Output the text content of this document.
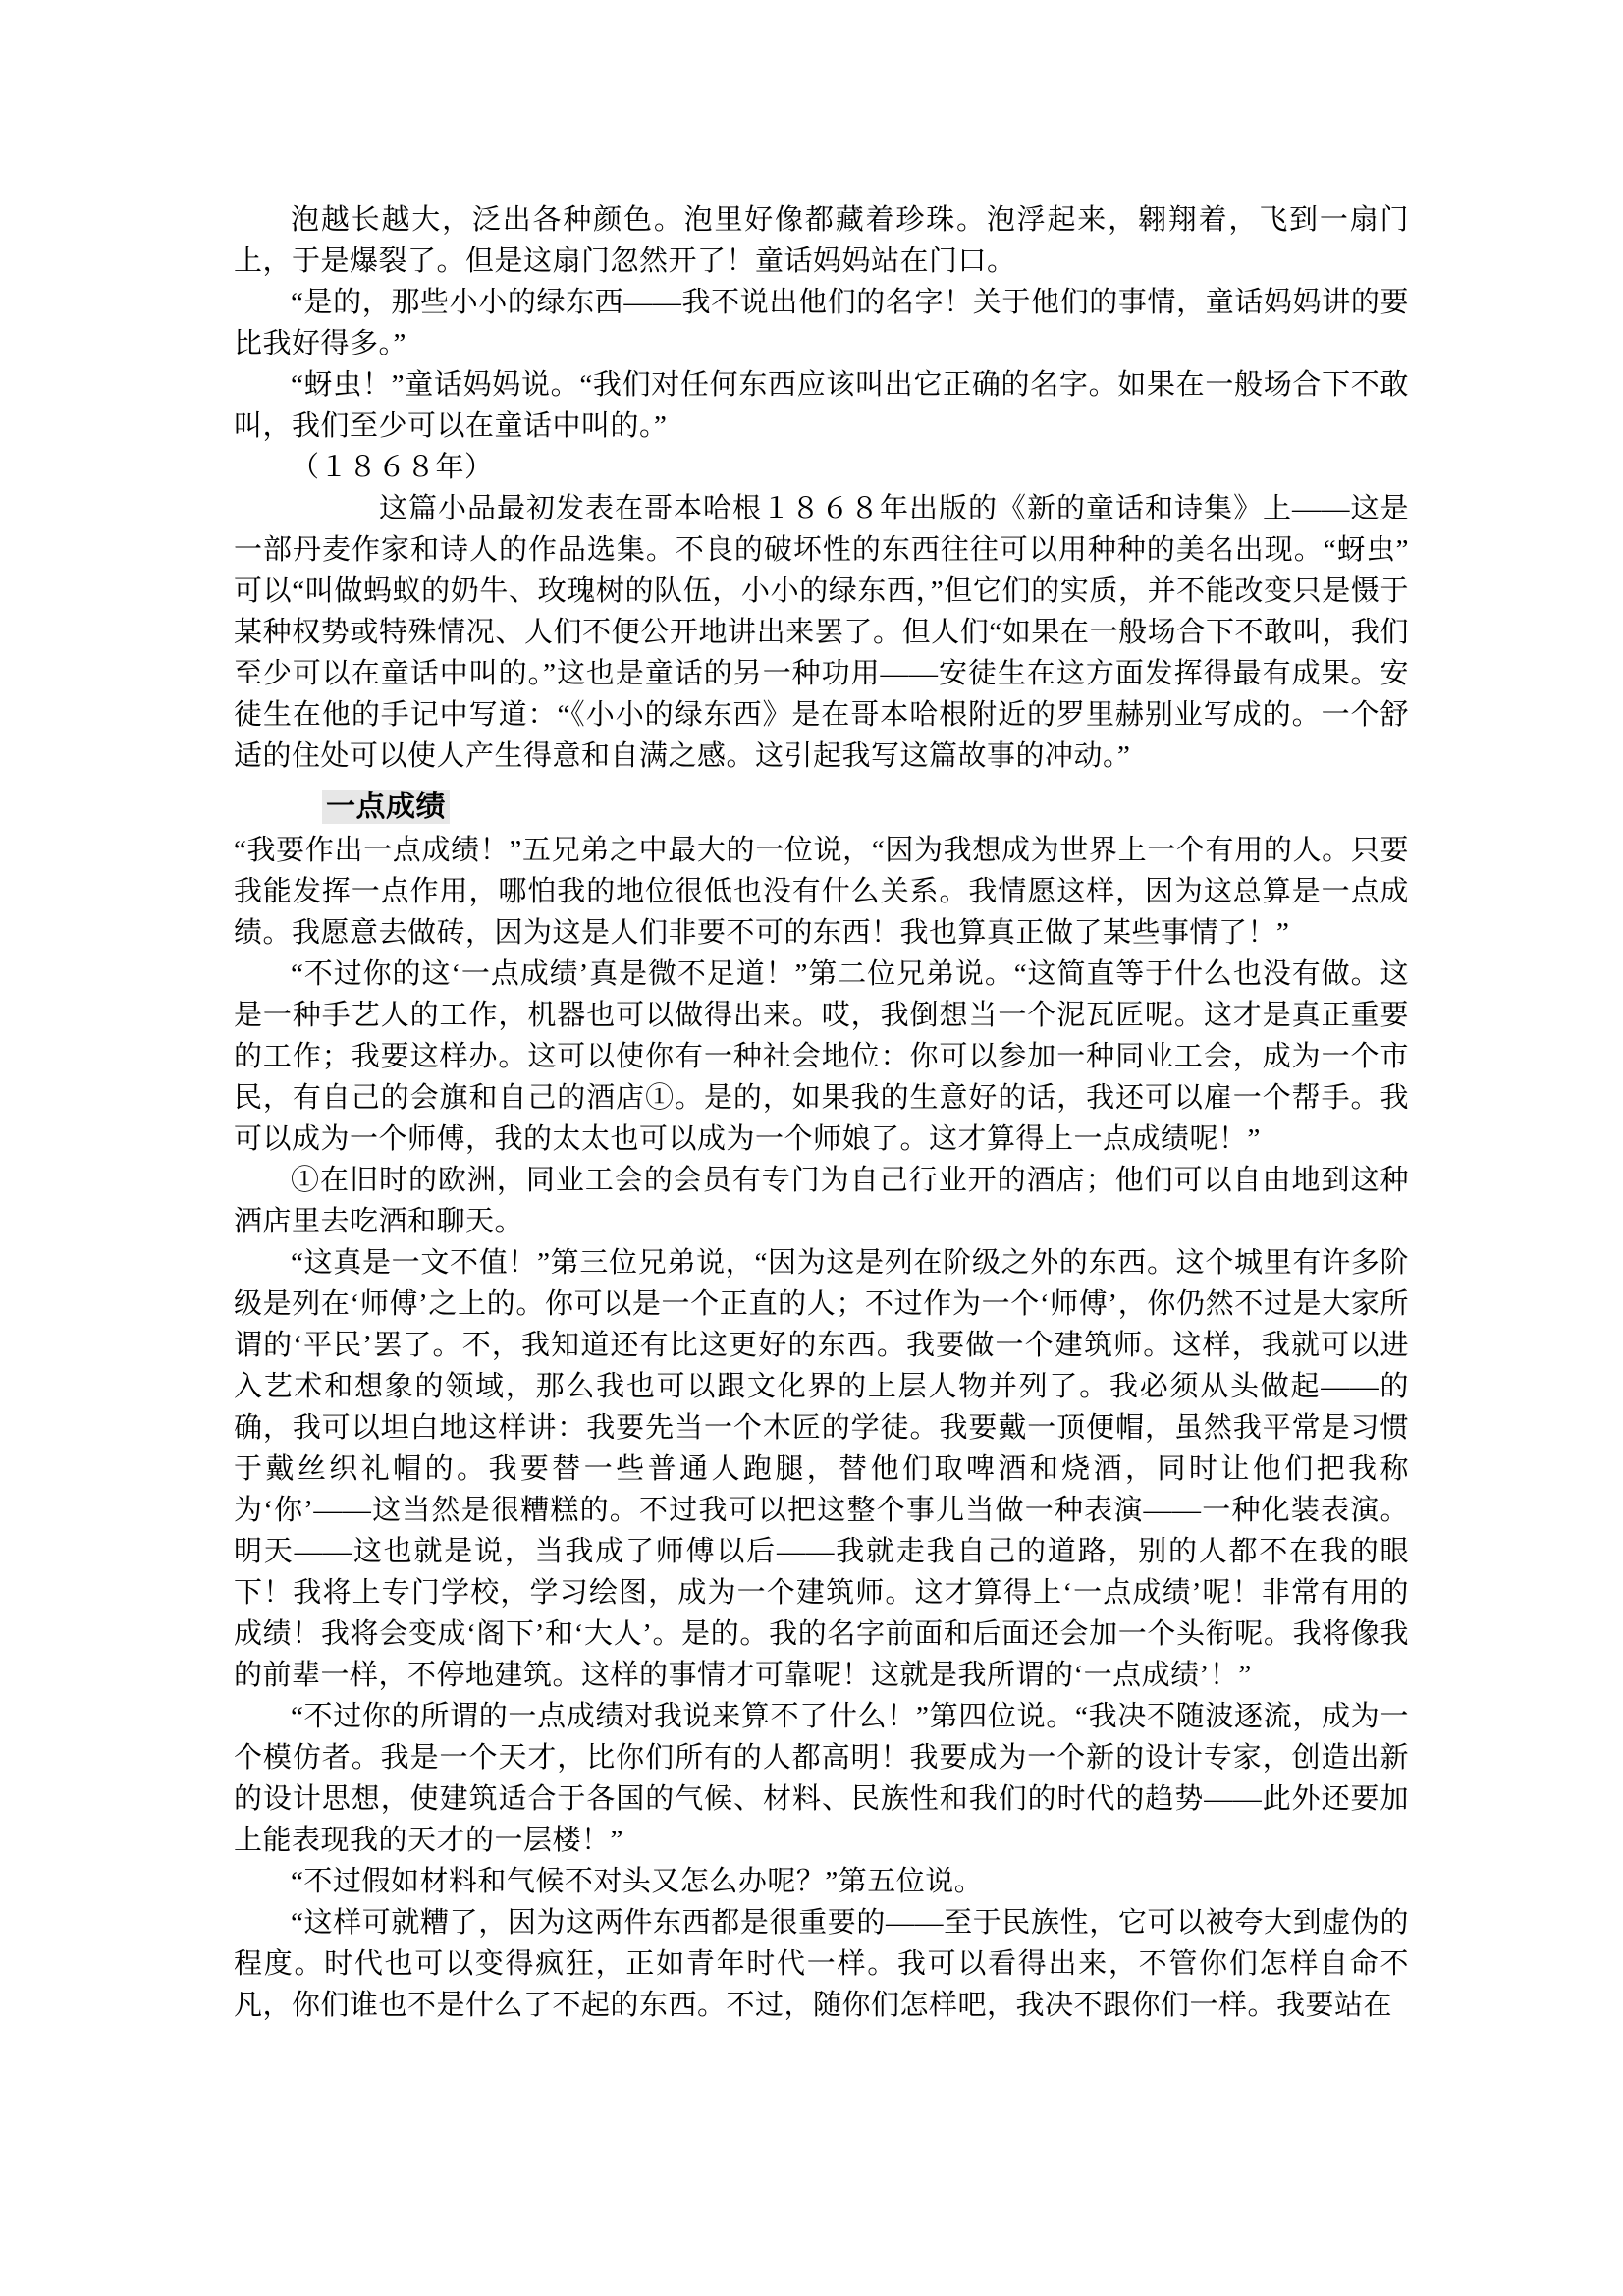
泡越长越大，泛出各种颜色。泡里好像都藏着珍珠。泡浮起来，翱翔着，飞到一扇门上，于是爆裂了。但是这扇门忽然开了！童话妈妈站在门口。

“是的，那些小小的绿东西——我不说出他们的名字！关于他们的事情，童话妈妈讲的要比我好得多。”

“蚜虫！”童话妈妈说。“我们对任何东西应该叫出它正确的名字。如果在一般场合下不敢叫，我们至少可以在童话中叫的。”

（１８６８年）

这篇小品最初发表在哥本哈根１８６８年出版的《新的童话和诗集》上——这是一部丹麦作家和诗人的作品选集。不良的破坏性的东西往往可以用种种的美名出现。“蚜虫”可以“叫做蚂蚁的奶牛、玫瑰树的队伍，小小的绿东西，”但它们的实质，并不能改变只是慑于某种权势或特殊情况、人们不便公开地讲出来罢了。但人们“如果在一般场合下不敢叫，我们至少可以在童话中叫的。”这也是童话的另一种功用——安徒生在这方面发挥得最有成果。安徒生在他的手记中写道：“《小小的绿东西》是在哥本哈根附近的罗里赫别业写成的。一个舒适的住处可以使人产生得意和自满之感。这引起我写这篇故事的冲动。”

一点成绩

“我要作出一点成绩！”五兄弟之中最大的一位说，“因为我想成为世界上一个有用的人。只要我能发挥一点作用，哪怕我的地位很低也没有什么关系。我情愿这样，因为这总算是一点成绩。我愿意去做砖，因为这是人们非要不可的东西！我也算真正做了某些事情了！”

“不过你的这‘一点成绩’真是微不足道！”第二位兄弟说。“这简直等于什么也没有做。这是一种手艺人的工作，机器也可以做得出来。哎，我倒想当一个泥瓦匠呢。这才是真正重要的工作；我要这样办。这可以使你有一种社会地位：你可以参加一种同业工会，成为一个市民，有自己的会旗和自己的酒店①。是的，如果我的生意好的话，我还可以雇一个帮手。我可以成为一个师傅，我的太太也可以成为一个师娘了。这才算得上一点成绩呢！”

①在旧时的欧洲，同业工会的会员有专门为自己行业开的酒店；他们可以自由地到这种酒店里去吃酒和聊天。

“这真是一文不值！”第三位兄弟说，“因为这是列在阶级之外的东西。这个城里有许多阶级是列在‘师傅’之上的。你可以是一个正直的人；不过作为一个‘师傅’，你仍然不过是大家所谓的‘平民’罢了。不，我知道还有比这更好的东西。我要做一个建筑师。这样，我就可以进入艺术和想象的领域，那么我也可以跟文化界的上层人物并列了。我必须从头做起——的确，我可以坦白地这样讲：我要先当一个木匠的学徒。我要戴一顶便帽，虽然我平常是习惯于戴丝织礼帽的。我要替一些普通人跑腿，替他们取啤酒和烧酒，同时让他们把我称为‘你’——这当然是很糟糕的。不过我可以把这整个事儿当做一种表演——一种化装表演。明天——这也就是说，当我成了师傅以后——我就走我自己的道路，别的人都不在我的眼下！我将上专门学校，学习绘图，成为一个建筑师。这才算得上‘一点成绩’呢！非常有用的成绩！我将会变成‘阁下’和‘大人’。是的。我的名字前面和后面还会加一个头衔呢。我将像我的前辈一样，不停地建筑。这样的事情才可靠呢！这就是我所谓的‘一点成绩’！”

“不过你的所谓的一点成绩对我说来算不了什么！”第四位说。“我决不随波逐流，成为一个模仿者。我是一个天才，比你们所有的人都高明！我要成为一个新的设计专家，创造出新的设计思想，使建筑适合于各国的气候、材料、民族性和我们的时代的趋势——此外还要加上能表现我的天才的一层楼！”

“不过假如材料和气候不对头又怎么办呢？”第五位说。

“这样可就糟了，因为这两件东西都是很重要的——至于民族性，它可以被夸大到虚伪的程度。时代也可以变得疯狂，正如青年时代一样。我可以看得出来，不管你们怎样自命不凡，你们谁也不是什么了不起的东西。不过，随你们怎样吧，我决不跟你们一样。我要站在
